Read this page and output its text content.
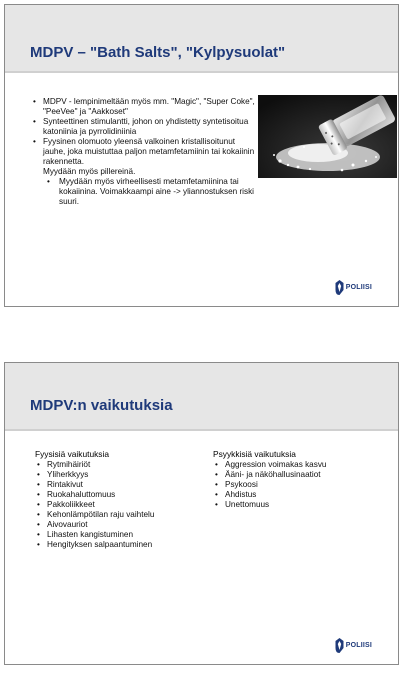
MDPV – "Bath Salts", "Kylpysuolat"
• MDPV - lempinimeltään myös mm. "Magic", "Super Coke", "PeeVee" ja "Aakkoset"
• Synteettinen stimulantti, johon on yhdistetty syntetisoitua katoniinia ja pyrrolidiniinia
• Fyysinen olomuoto yleensä valkoinen kristallisoitunut jauhe, joka muistuttaa paljon metamfetamiinin tai kokaiinin rakennetta.
Myydään myös pillereinä.
• Myydään myös virheellisesti metamfetamiinina tai kokaiinina. Voimakkaampi aine -> yliannostuksen riski suuri.
POLIISI
MDPV:n vaikutuksia

Fyysisiä vaikutuksia

• Rytmihäiriöt
• Yliherkkyys
• Rintakivut
• Ruokahaluttomuus
• Pakkoliikkeet
• Kehonlämpötilan raju vaihtelu
• Aivovauriot
• Lihasten kangistuminen
• Hengityksen salpaantuminen

Psyykkisiä vaikutuksia

• Aggression voimakas kasvu
• Ääni- ja näköhallusinaatiot
• Psykoosi
• Ahdistus
• Unettomuus
POLIISI
